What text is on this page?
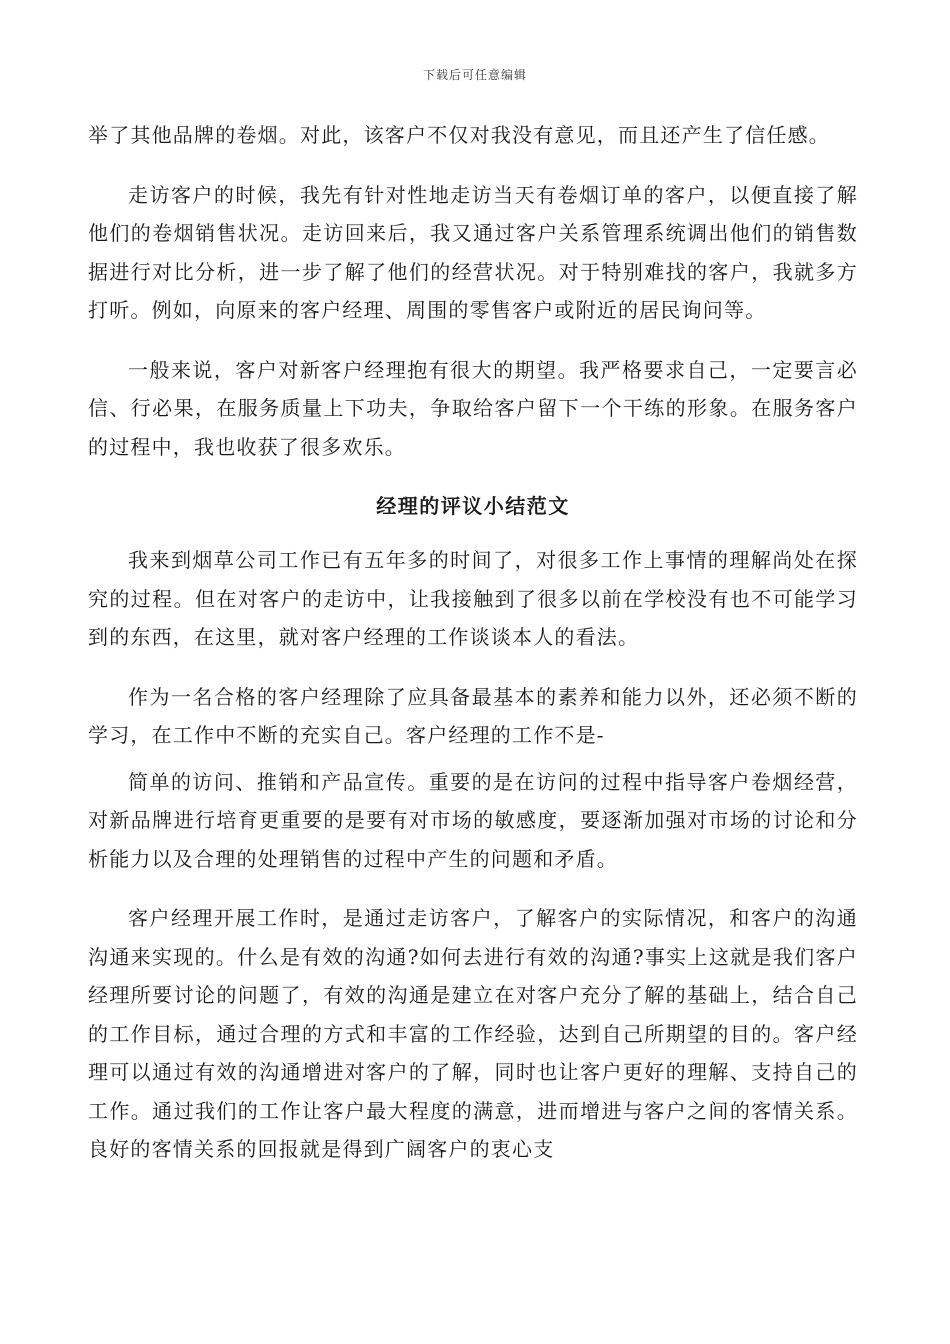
下载后可任意编辑

举了其他品牌的卷烟。对此，该客户不仅对我没有意见，而且还产生了信任感。

走访客户的时候，我先有针对性地走访当天有卷烟订单的客户，以便直接了解他们的卷烟销售状况。走访回来后，我又通过客户关系管理系统调出他们的销售数据进行对比分析，进一步了解了他们的经营状况。对于特别难找的客户，我就多方打听。例如，向原来的客户经理、周围的零售客户或附近的居民询问等。

一般来说，客户对新客户经理抱有很大的期望。我严格要求自己，一定要言必信、行必果，在服务质量上下功夫，争取给客户留下一个干练的形象。在服务客户的过程中，我也收获了很多欢乐。

经理的评议小结范文

我来到烟草公司工作已有五年多的时间了，对很多工作上事情的理解尚处在探究的过程。但在对客户的走访中，让我接触到了很多以前在学校没有也不可能学习到的东西，在这里，就对客户经理的工作谈谈本人的看法。

作为一名合格的客户经理除了应具备最基本的素养和能力以外，还必须不断的学习，在工作中不断的充实自己。客户经理的工作不是-

简单的访问、推销和产品宣传。重要的是在访问的过程中指导客户卷烟经营，对新品牌进行培育更重要的是要有对市场的敏感度，要逐渐加强对市场的讨论和分析能力以及合理的处理销售的过程中产生的问题和矛盾。

客户经理开展工作时，是通过走访客户，了解客户的实际情况，和客户的沟通沟通来实现的。什么是有效的沟通?如何去进行有效的沟通?事实上这就是我们客户经理所要讨论的问题了，有效的沟通是建立在对客户充分了解的基础上，结合自己的工作目标，通过合理的方式和丰富的工作经验，达到自己所期望的目的。客户经理可以通过有效的沟通增进对客户的了解，同时也让客户更好的理解、支持自己的工作。通过我们的工作让客户最大程度的满意，进而增进与客户之间的客情关系。良好的客情关系的回报就是得到广阔客户的衷心支
